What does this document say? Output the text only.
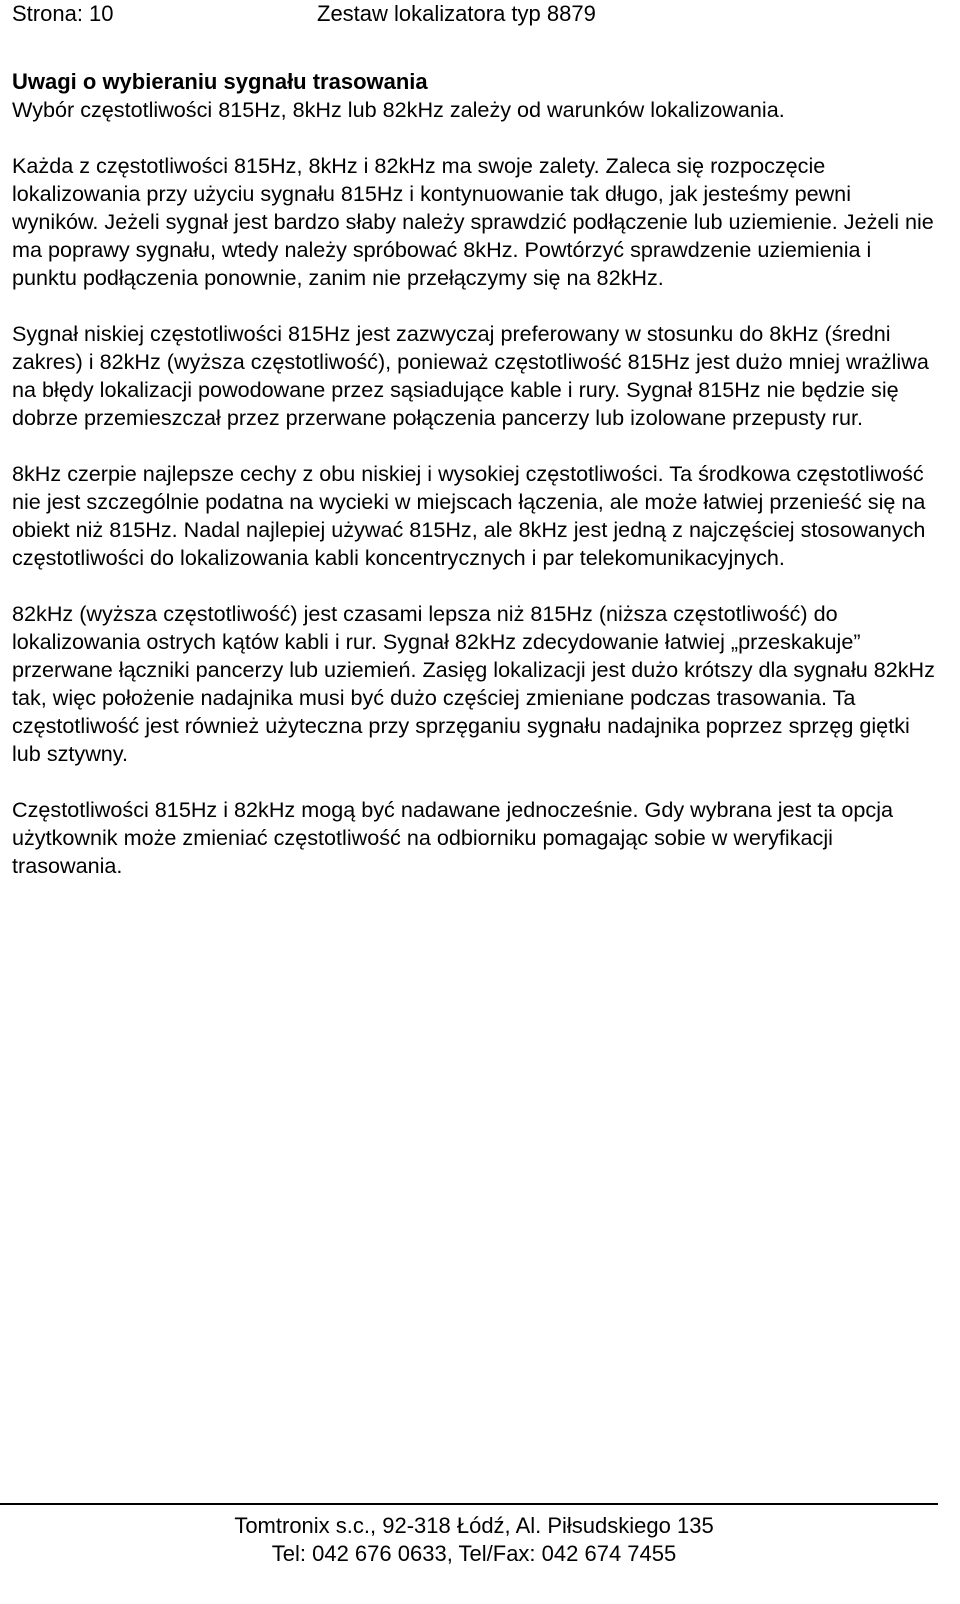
Strona: 10	Zestaw lokalizatora typ 8879

Uwagi o wybieraniu sygnału trasowania

Wybór częstotliwości 815Hz, 8kHz lub 82kHz zależy od warunków lokalizowania.

Każda z częstotliwości 815Hz, 8kHz i 82kHz ma swoje zalety. Zaleca się rozpoczęcie lokalizowania przy użyciu sygnału 815Hz i kontynuowanie tak długo, jak jesteśmy pewni wyników. Jeżeli sygnał jest bardzo słaby należy sprawdzić podłączenie lub uziemienie. Jeżeli nie ma poprawy sygnału, wtedy należy spróbować 8kHz. Powtórzyć sprawdzenie uziemienia i punktu podłączenia ponownie, zanim nie przełączymy się na 82kHz.

Sygnał niskiej częstotliwości 815Hz jest zazwyczaj preferowany w stosunku do 8kHz (średni zakres) i 82kHz (wyższa częstotliwość), ponieważ częstotliwość 815Hz jest dużo mniej wrażliwa na błędy lokalizacji powodowane przez sąsiadujące kable i rury. Sygnał 815Hz nie będzie się dobrze przemieszczał przez przerwane połączenia pancerzy lub izolowane przepusty rur.

8kHz czerpie najlepsze cechy z obu niskiej i wysokiej częstotliwości. Ta środkowa częstotliwość nie jest szczególnie podatna na wycieki w miejscach łączenia, ale może łatwiej przenieść się na obiekt niż 815Hz. Nadal najlepiej używać 815Hz, ale 8kHz jest jedną z najczęściej stosowanych częstotliwości do lokalizowania kabli koncentrycznych i par telekomunikacyjnych.

82kHz (wyższa częstotliwość) jest czasami lepsza niż 815Hz (niższa częstotliwość) do lokalizowania ostrych kątów kabli i rur. Sygnał 82kHz zdecydowanie łatwiej „przeskakuje” przerwane łączniki pancerzy lub uziemień. Zasięg lokalizacji jest dużo krótszy dla sygnału 82kHz tak, więc położenie nadajnika musi być dużo częściej zmieniane podczas trasowania. Ta częstotliwość jest również użyteczna przy sprzęganiu sygnału nadajnika poprzez sprzęg giętki lub sztywny.

Częstotliwości 815Hz i 82kHz mogą być nadawane jednocześnie. Gdy wybrana jest ta opcja użytkownik może zmieniać częstotliwość na odbiorniku pomagając sobie w weryfikacji trasowania.

Tomtronix s.c., 92-318 Łódź, Al. Piłsudskiego 135
Tel: 042 676 0633, Tel/Fax: 042 674 7455
